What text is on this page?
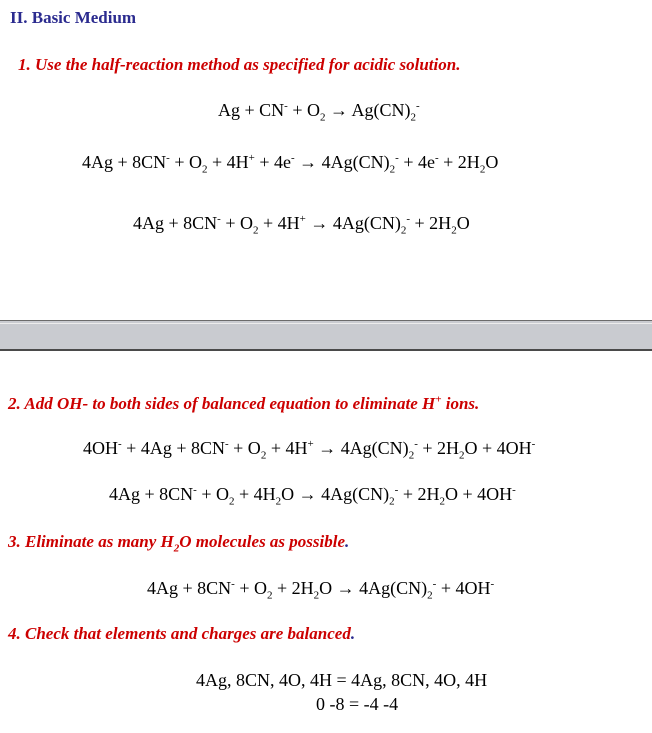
II. Basic Medium
1. Use the half-reaction method as specified for acidic solution.
$Ag + CN^- + O_2 \to Ag(CN)_2^-$
$4Ag + 8CN^- + O_2 + 4H^+ + 4e^- \to 4Ag(CN)_2^- + 4e^- + 2H_2O$
$4Ag + 8CN^- + O_2 + 4H^+ \to 4Ag(CN)_2^- + 2H_2O$
2. Add OH- to both sides of balanced equation to eliminate H+ ions.
$4OH^- + 4Ag + 8CN^- + O_2 + 4H^+ \to 4Ag(CN)_2^- + 2H_2O + 4OH^-$
$4Ag + 8CN^- + O_2 + 4H_2O \to 4Ag(CN)_2^- + 2H_2O + 4OH^-$
3. Eliminate as many $H_2O$ molecules as possible.
$4Ag + 8CN^- + O_2 + 2H_2O \to 4Ag(CN)_2^- + 4OH^-$
4. Check that elements and charges are balanced.
4Ag, 8CN, 4O, 4H = 4Ag, 8CN, 4O, 4H
0 -8 = -4 -4
